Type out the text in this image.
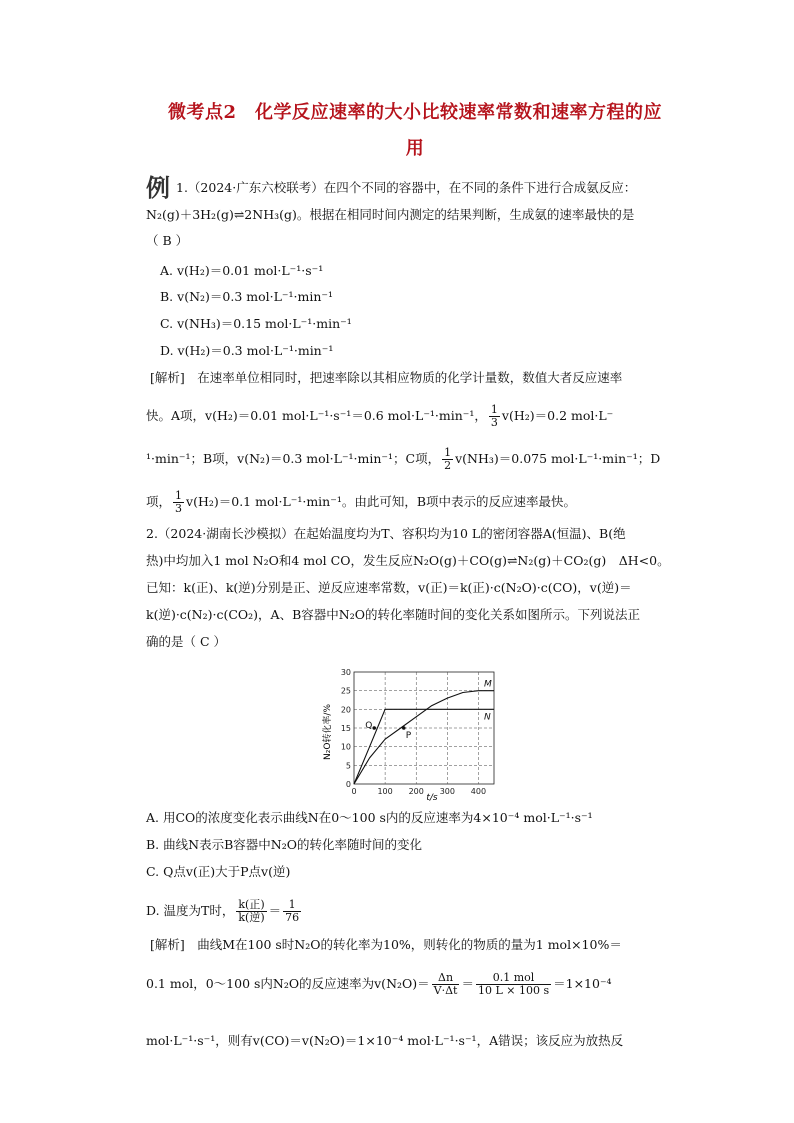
微考点2　化学反应速率的大小比较速率常数和速率方程的应
用
例 1.（2024·广东六校联考）在四个不同的容器中，在不同的条件下进行合成氨反应：
N₂(g)＋3H₂(g)⇌2NH₃(g)。根据在相同时间内测定的结果判断，生成氨的速率最快的是
（ B ）
A. v(H₂)＝0.01 mol·L⁻¹·s⁻¹
B. v(N₂)＝0.3 mol·L⁻¹·min⁻¹
C. v(NH₃)＝0.15 mol·L⁻¹·min⁻¹
D. v(H₂)＝0.3 mol·L⁻¹·min⁻¹
[解析]　在速率单位相同时，把速率除以其相应物质的化学计量数，数值大者反应速率
快。A项，v(H₂)＝0.01 mol·L⁻¹·s⁻¹＝0.6 mol·L⁻¹·min⁻¹， $\frac{1}{3} v(H_2)=0.2$ mol·L⁻
¹·min⁻¹；B项，v(N₂)＝0.3 mol·L⁻¹·min⁻¹；C项， $\frac{1}{2} v(NH_3)=0.075$ mol·L⁻¹·min⁻¹；D
项， $\frac{1}{3} v(H_2)=0.1$ mol·L⁻¹·min⁻¹。由此可知，B项中表示的反应速率最快。
2.（2024·湖南长沙模拟）在起始温度均为T、容积均为10 L的密闭容器A(恒温)、B(绝
热)中均加入1 mol N₂O和4 mol CO，发生反应N₂O(g)＋CO(g)⇌N₂(g)＋CO₂(g)　ΔH<0。
已知：k(正)、k(逆)分别是正、逆反应速率常数，v(正)＝k(正)·c(N₂O)·c(CO)，v(逆)＝
k(逆)·c(N₂)·c(CO₂)，A、B容器中N₂O的转化率随时间的变化关系如图所示。下列说法正
确的是（ C ）
0
5
10
15
20
25
30
0	100 200 300 400
N
M
Q
P
t/s
N₂O转化率/%
A. 用CO的浓度变化表示曲线N在0～100 s内的反应速率为4×10⁻⁴ mol·L⁻¹·s⁻¹
B. 曲线N表示B容器中N₂O的转化率随时间的变化
C. Q点v(正)大于P点v(逆)
D. 温度为T时， $\frac{\text{k(正)}}{\text{k(逆)}} = \frac{1}{76}$
[解析]　曲线M在100 s时N₂O的转化率为10%，则转化的物质的量为1 mol×10%＝
0.1 mol，0～100 s内N₂O的反应速率为$v(N_2O)= \frac{\Delta n}{V\cdot\Delta t} = \frac{\text{0.1 mol}}{10 L \times 100 s} =1\times 10^{-4}$
mol·L⁻¹·s⁻¹，则有v(CO)＝v(N₂O)＝1×10⁻⁴ mol·L⁻¹·s⁻¹，A错误；该反应为放热反
